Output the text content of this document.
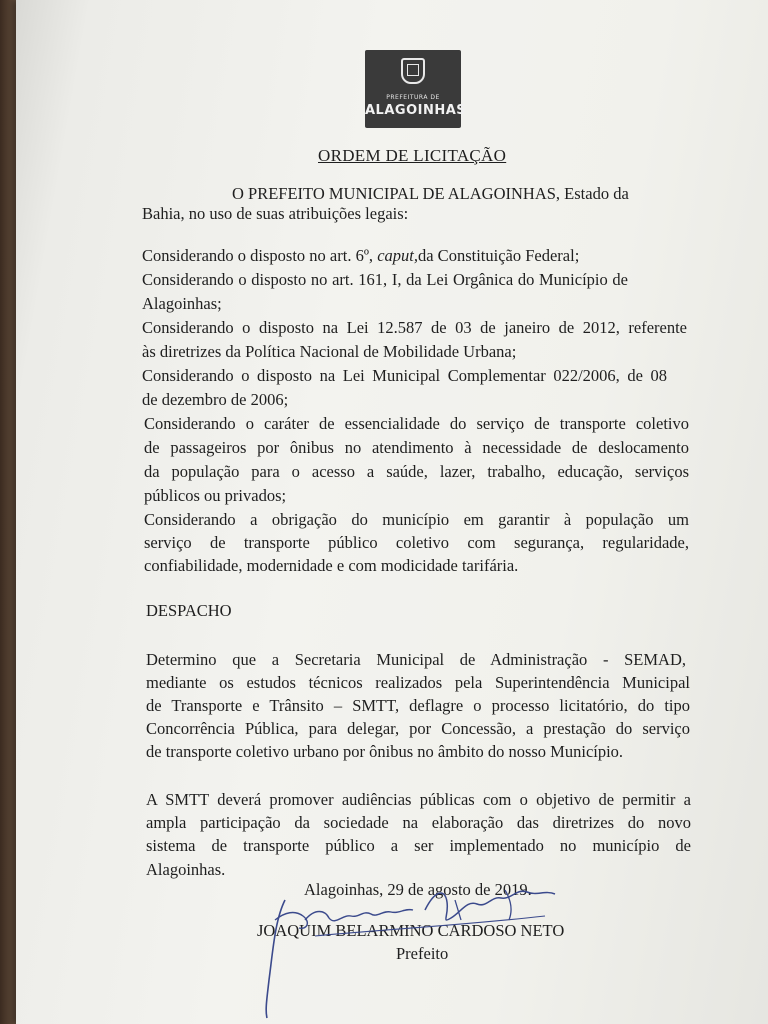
PREFEITURA DE
ALAGOINHAS
ORDEM DE LICITAÇÃO
O PREFEITO MUNICIPAL DE ALAGOINHAS, Estado da
Bahia, no uso de suas atribuições legais:
Considerando o disposto no art. 6º, caput,da Constituição Federal;
Considerando o disposto no art. 161, I, da Lei Orgânica do Município de
Alagoinhas;
Considerando o disposto na Lei 12.587 de 03 de janeiro de 2012, referente
às diretrizes da Política Nacional de Mobilidade Urbana;
Considerando o disposto na Lei Municipal Complementar 022/2006, de 08
de dezembro de 2006;
Considerando o caráter de essencialidade do serviço de transporte coletivo
de passageiros por ônibus no atendimento à necessidade de deslocamento
da população para o acesso a saúde, lazer, trabalho, educação, serviços
públicos ou privados;
Considerando a obrigação do município em garantir à população um
serviço de transporte público coletivo com segurança, regularidade,
confiabilidade, modernidade e com modicidade tarifária.
DESPACHO
Determino que a Secretaria Municipal de Administração - SEMAD,
mediante os estudos técnicos realizados pela Superintendência Municipal
de Transporte e Trânsito – SMTT, deflagre o processo licitatório, do tipo
Concorrência Pública, para delegar, por Concessão, a prestação do serviço
de transporte coletivo urbano por ônibus no âmbito do nosso Município.
A SMTT deverá promover audiências públicas com o objetivo de permitir a
ampla participação da sociedade na elaboração das diretrizes do novo
sistema de transporte público a ser implementado no município de
Alagoinhas.
Alagoinhas, 29 de agosto de 2019.
JOAQUIM BELARMINO CARDOSO NETO
Prefeito
